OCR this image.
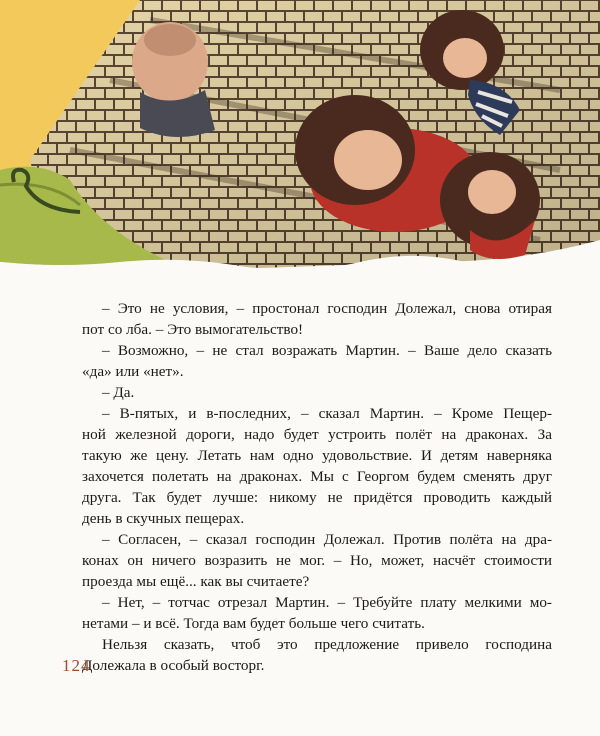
– Это не условия, – простонал господин Долежал, снова отирая
пот со лба. – Это вымогательство!

– Возможно, – не стал возражать Мартин. – Ваше дело сказать
«да» или «нет».

– Да.

– В-пятых, и в-последних, – сказал Мартин. – Кроме Пещер-
ной железной дороги, надо будет устроить полёт на драконах. За
такую же цену. Летать нам одно удовольствие. И детям наверняка
захочется полетать на драконах. Мы с Георгом будем сменять друг
друга. Так будет лучше: никому не придётся проводить каждый
день в скучных пещерах.

– Согласен, – сказал господин Долежал. Против полёта на дра-
конах он ничего возразить не мог. – Но, может, насчёт стоимости
проезда мы ещё... как вы считаете?

– Нет, – тотчас отрезал Мартин. – Требуйте плату мелкими мо-
нетами – и всё. Тогда вам будет больше чего считать.

Нельзя сказать, чтоб это предложение привело господина
Долежала в особый восторг.

124
